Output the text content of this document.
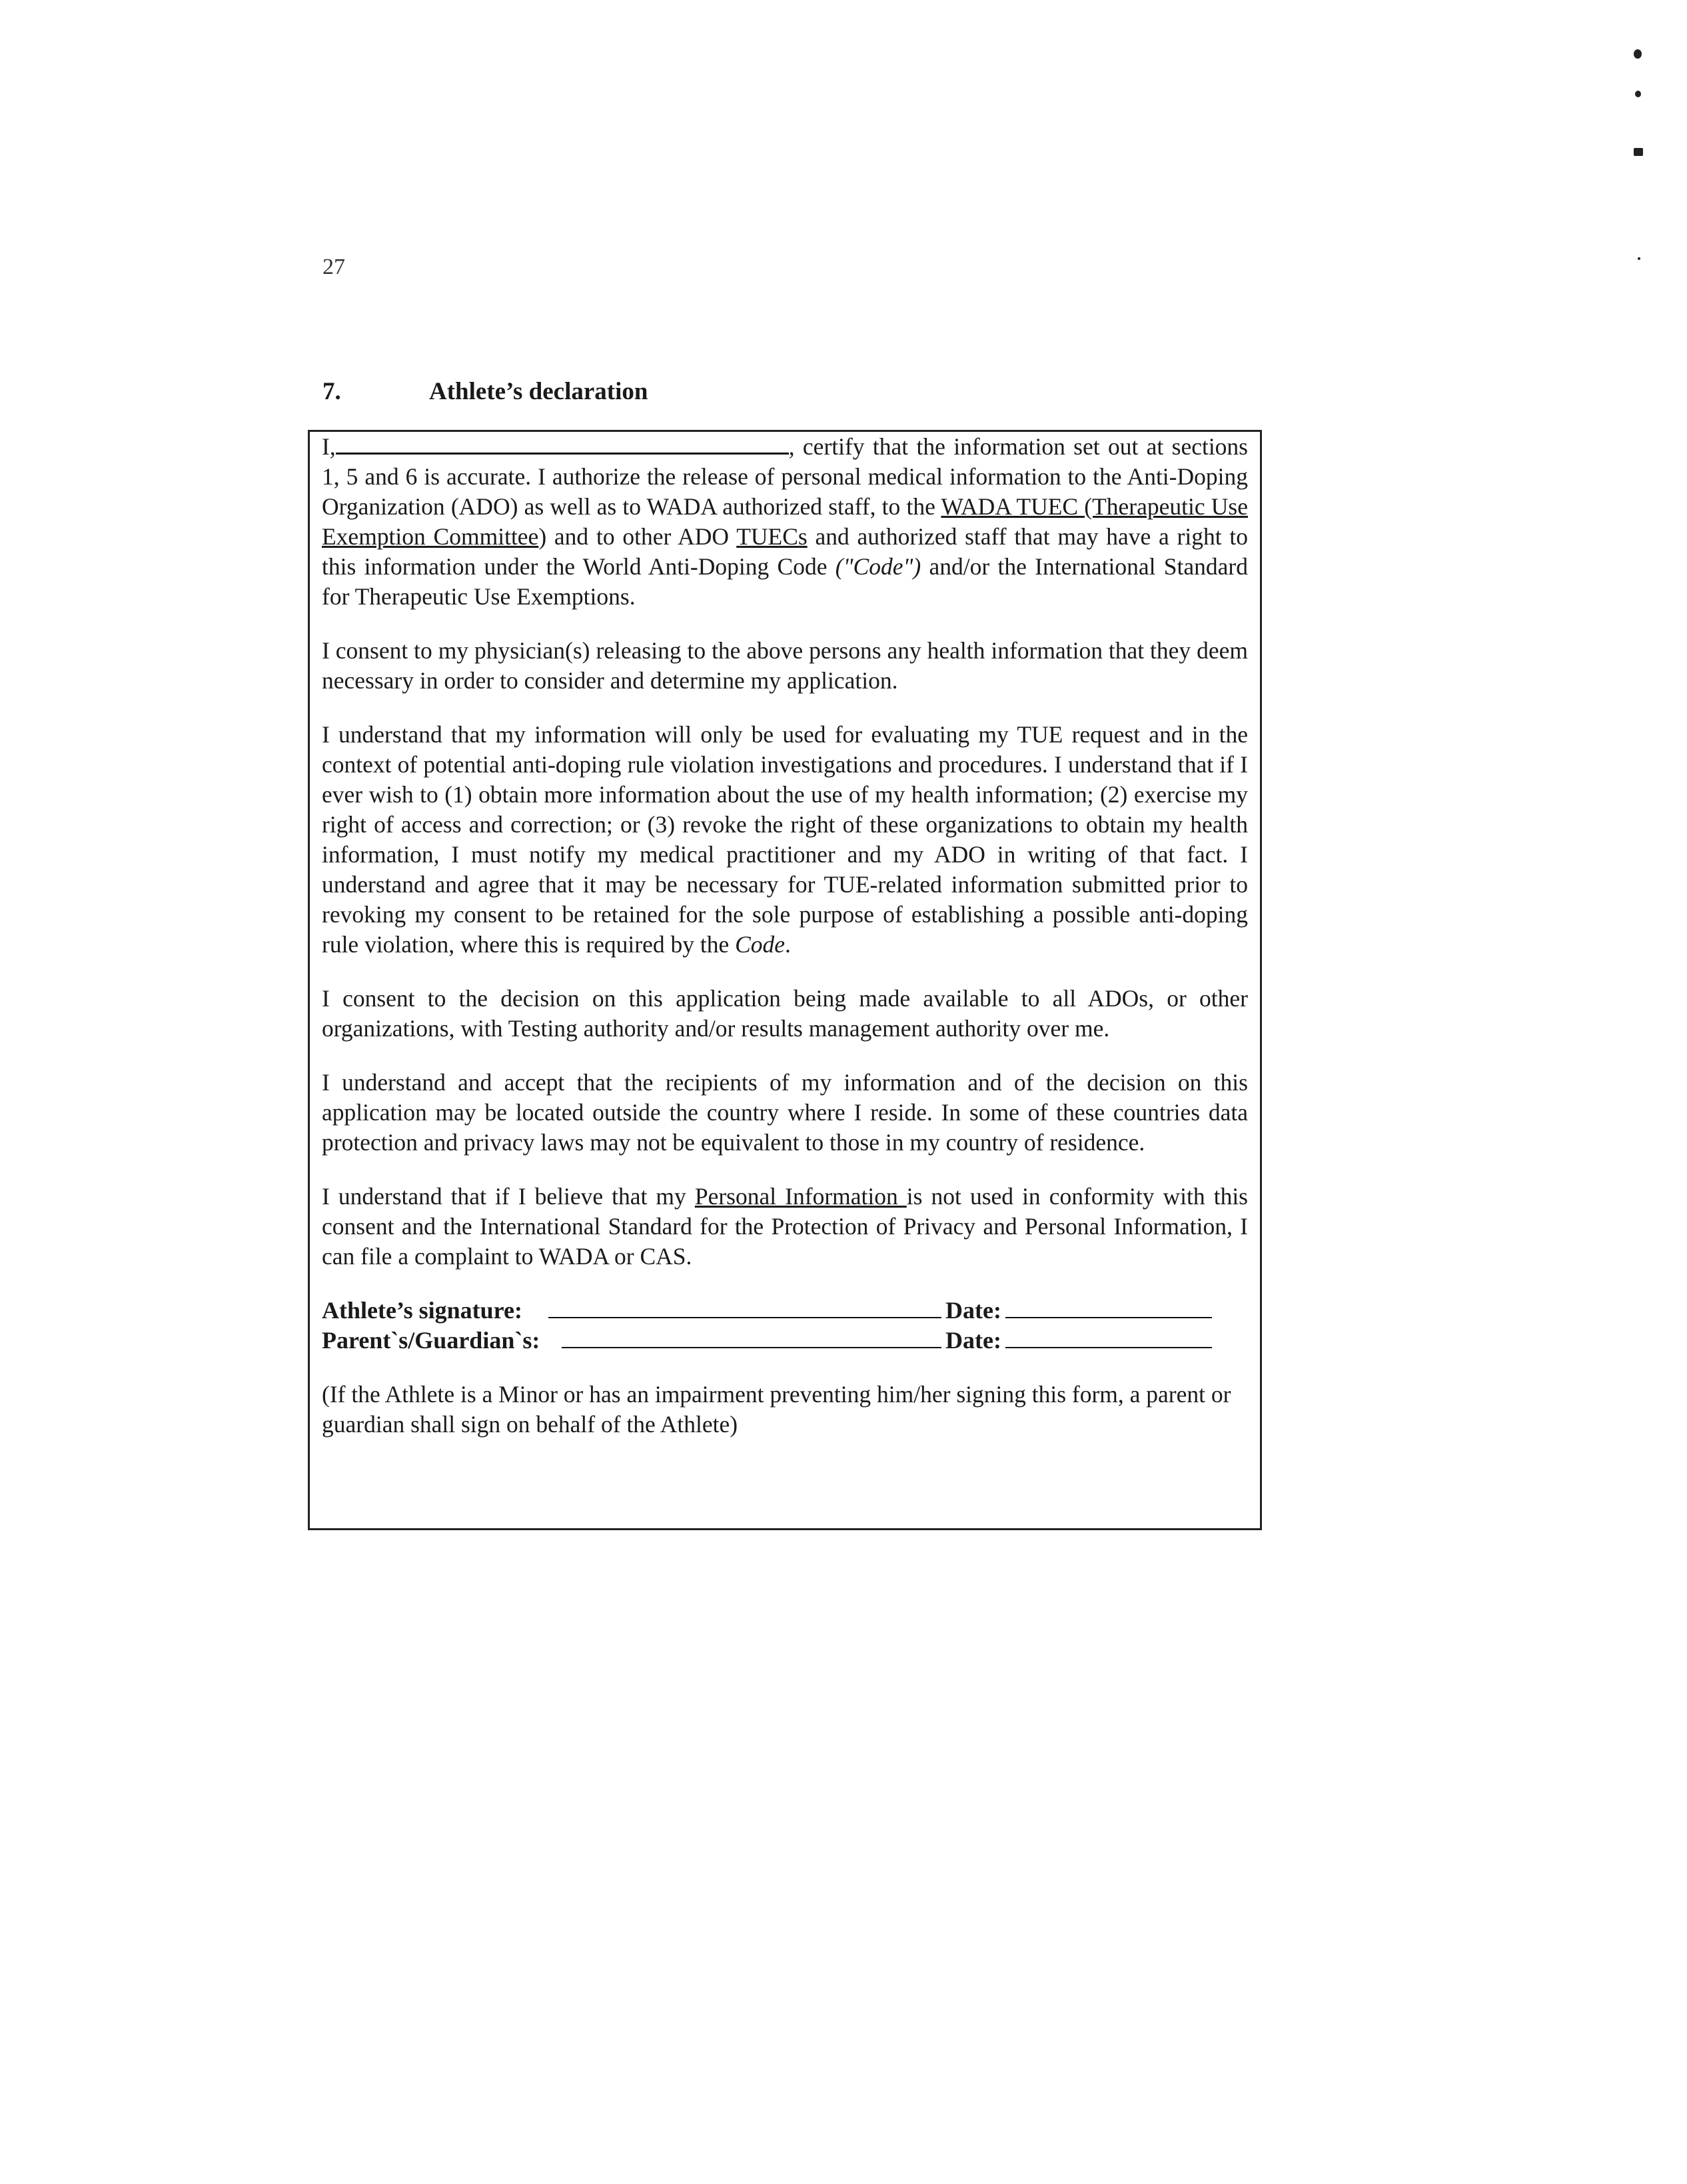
27
7.	Athlete’s declaration

I,	, certify that the information set out at sections 1, 5 and 6 is accurate. I authorize the release of personal medical information to the Anti-Doping Organization (ADO) as well as to WADA authorized staff, to the WADA TUEC (Therapeutic Use Exemption Committee) and to other ADO TUECs and authorized staff that may have a right to this information under the World Anti-Doping Code ("Code") and/or the International Standard for Therapeutic Use Exemptions.

I consent to my physician(s) releasing to the above persons any health information that they deem necessary in order to consider and determine my application.

I understand that my information will only be used for evaluating my TUE request and in the context of potential anti-doping rule violation investigations and procedures. I understand that if I ever wish to (1) obtain more information about the use of my health information; (2) exercise my right of access and correction; or (3) revoke the right of these organizations to obtain my health information, I must notify my medical practitioner and my ADO in writing of that fact. I understand and agree that it may be necessary for TUE-related information submitted prior to revoking my consent to be retained for the sole purpose of establishing a possible anti-doping rule violation, where this is required by the Code.

I consent to the decision on this application being made available to all ADOs, or other organizations, with Testing authority and/or results management authority over me.

I understand and accept that the recipients of my information and of the decision on this application may be located outside the country where I reside. In some of these countries data protection and privacy laws may not be equivalent to those in my country of residence.

I understand that if I believe that my Personal Information is not used in conformity with this consent and the International Standard for the Protection of Privacy and Personal Information, I can file a complaint to WADA or CAS.

Athlete’s signature:	Date:
Parent`s/Guardian`s:	Date:

(If the Athlete is a Minor or has an impairment preventing him/her signing this form, a parent or guardian shall sign on behalf of the Athlete)
